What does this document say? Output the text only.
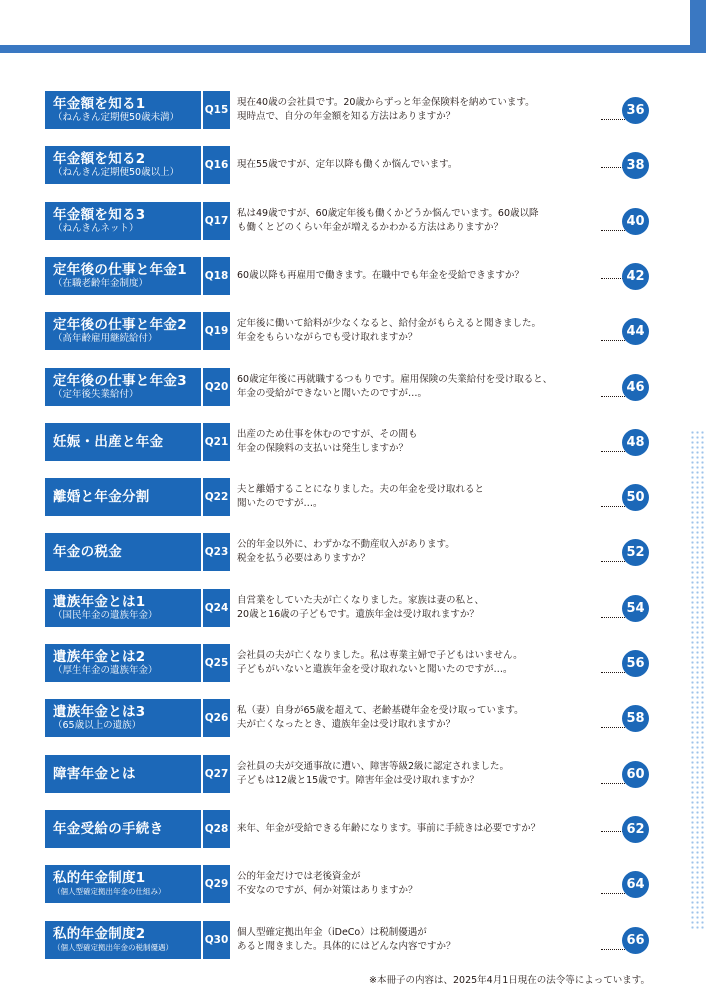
年金額を知る1
（ねんきん定期便50歳未満）
Q15
現在40歳の会社員です。20歳からずっと年金保険料を納めています。
現時点で、自分の年金額を知る方法はありますか？	36
年金額を知る2
（ねんきん定期便50歳以上）
Q16 現在55歳ですが、定年以降も働くか悩んでいます。	38
年金額を知る3
（ねんきんネット）
Q17
私は49歳ですが、60歳定年後も働くかどうか悩んでいます。60歳以降
も働くとどのくらい年金が増えるかわかる方法はありますか？	40
定年後の仕事と年金1
（在職老齢年金制度）
Q18 60歳以降も再雇用で働きます。在職中でも年金を受給できますか？	42
定年後の仕事と年金2
（高年齢雇用継続給付）
Q19
定年後に働いて給料が少なくなると、給付金がもらえると聞きました。
年金をもらいながらでも受け取れますか？	44
定年後の仕事と年金3
（定年後失業給付）
Q20
60歳定年後に再就職するつもりです。雇用保険の失業給付を受け取ると、
年金の受給ができないと聞いたのですが…。	46
妊娠・出産と年金	Q21
出産のため仕事を休むのですが、その間も
年金の保険料の支払いは発生しますか？	48
離婚と年金分割	Q22
夫と離婚することになりました。夫の年金を受け取れると
聞いたのですが…。	50
年金の税金	Q23
公的年金以外に、わずかな不動産収入があります。
税金を払う必要はありますか？	52
遺族年金とは1
（国民年金の遺族年金）
Q24
自営業をしていた夫が亡くなりました。家族は妻の私と、
20歳と16歳の子どもです。遺族年金は受け取れますか？	54
遺族年金とは2
（厚生年金の遺族年金）
Q25
会社員の夫が亡くなりました。私は専業主婦で子どもはいません。
子どもがいないと遺族年金を受け取れないと聞いたのですが…。	56
遺族年金とは3
（65歳以上の遺族）
Q26
私（妻）自身が65歳を超えて、老齢基礎年金を受け取っています。
夫が亡くなったとき、遺族年金は受け取れますか？	58
障害年金とは	Q27
会社員の夫が交通事故に遭い、障害等級2級に認定されました。
子どもは12歳と15歳です。障害年金は受け取れますか？	60
年金受給の手続き	Q28 来年、年金が受給できる年齢になります。事前に手続きは必要ですか？	62
私的年金制度1
（個人型確定拠出年金の仕組み）
Q29
公的年金だけでは老後資金が
不安なのですが、何か対策はありますか？	64
私的年金制度2
（個人型確定拠出年金の税制優遇）
Q30
個人型確定拠出年金（iDeCo）は税制優遇が
あると聞きました。具体的にはどんな内容ですか？	66
※本冊子の内容は、2025年4月1日現在の法令等によっています。
